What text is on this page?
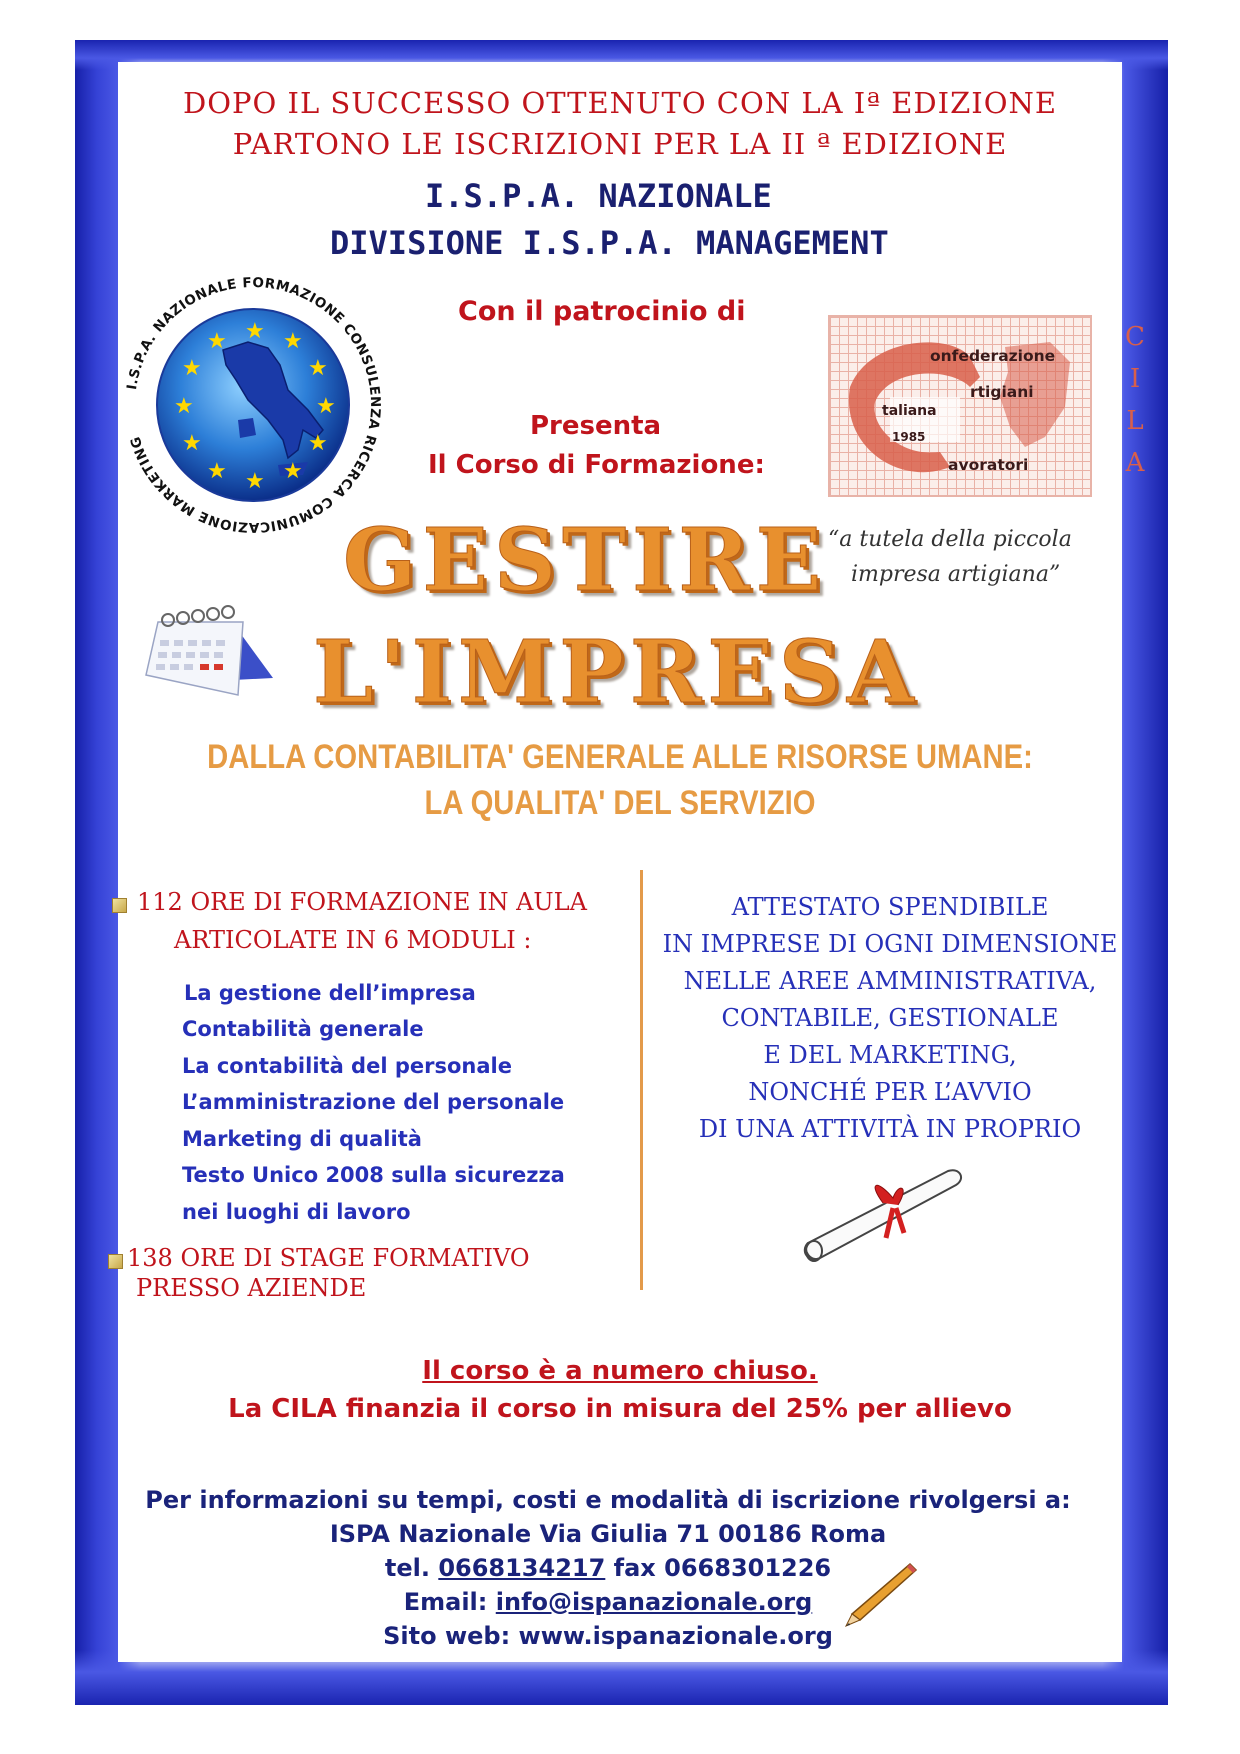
DOPO IL SUCCESSO OTTENUTO CON LA Iª EDIZIONE
PARTONO LE ISCRIZIONI PER LA II ª EDIZIONE
I.S.P.A. NAZIONALE
DIVISIONE I.S.P.A. MANAGEMENT
Con il patrocinio di
★ ★
★
★
★
★
★
★
★
★
★
★
I.S.P.A. NAZIONALE FORMAZIONE CONSULENZA RICERCA COMUNICAZIONE MARKETING
Presenta
Il Corso di Formazione:
onfederazione
taliana
rtigiani
1985
avoratori
C
I
L
A
“a tutela della piccola
impresa artigiana”
GESTIRE
L'IMPRESA
DALLA CONTABILITA' GENERALE ALLE RISORSE UMANE:
LA QUALITA' DEL SERVIZIO
112 ORE DI FORMAZIONE IN AULA
ARTICOLATE IN 6 MODULI :
La gestione dell’impresa
Contabilità generale
La contabilità del personale
L’amministrazione del personale
Marketing di qualità
Testo Unico 2008 sulla sicurezza
nei luoghi di lavoro
138 ORE DI STAGE FORMATIVO
PRESSO AZIENDE
ATTESTATO SPENDIBILE
IN IMPRESE DI OGNI DIMENSIONE
NELLE AREE AMMINISTRATIVA,
CONTABILE, GESTIONALE
E DEL MARKETING,
NONCHÉ PER L’AVVIO
DI UNA ATTIVITÀ IN PROPRIO
Il corso è a numero chiuso.
La CILA finanzia il corso in misura del 25% per allievo
Per informazioni su tempi, costi e modalità di iscrizione rivolgersi a:
ISPA Nazionale Via Giulia 71 00186 Roma
tel. 0668134217 fax 0668301226
Email: info@ispanazionale.org
Sito web: www.ispanazionale.org
